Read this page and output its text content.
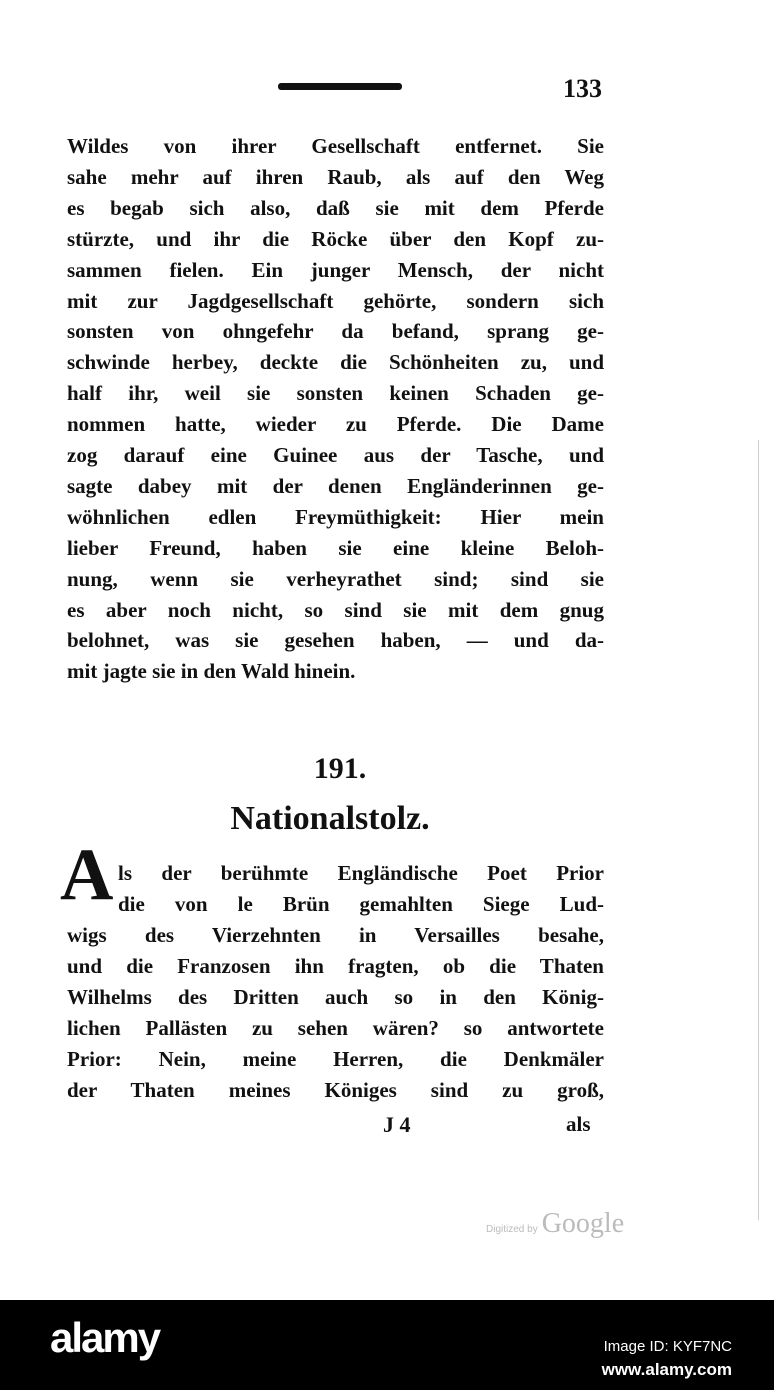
133
Wildes von ihrer Gesellschaft entfernet. Sie
sahe mehr auf ihren Raub, als auf den Weg
es begab sich also, daß sie mit dem Pferde
stürzte, und ihr die Röcke über den Kopf zu-
sammen fielen. Ein junger Mensch, der nicht
mit zur Jagdgesellschaft gehörte, sondern sich
sonsten von ohngefehr da befand, sprang ge-
schwinde herbey, deckte die Schönheiten zu, und
half ihr, weil sie sonsten keinen Schaden ge-
nommen hatte, wieder zu Pferde. Die Dame
zog darauf eine Guinee aus der Tasche, und
sagte dabey mit der denen Engländerinnen ge-
wöhnlichen edlen Freymüthigkeit: Hier mein
lieber Freund, haben sie eine kleine Beloh-
nung, wenn sie verheyrathet sind; sind sie
es aber noch nicht, so sind sie mit dem gnug
belohnet, was sie gesehen haben, — und da-
mit jagte sie in den Wald hinein.
191.
Nationalstolz.
A ls der berühmte Engländische Poet Prior
die von le Brün gemahlten Siege Lud-
wigs des Vierzehnten in Versailles besahe,
und die Franzosen ihn fragten, ob die Thaten
Wilhelms des Dritten auch so in den König-
lichen Pallästen zu sehen wären? so antwortete
Prior: Nein, meine Herren, die Denkmäler
der Thaten meines Königes sind zu groß,
J 4	als
Digitized by Google
alamy	Image ID: KYF7NC
www.alamy.com
